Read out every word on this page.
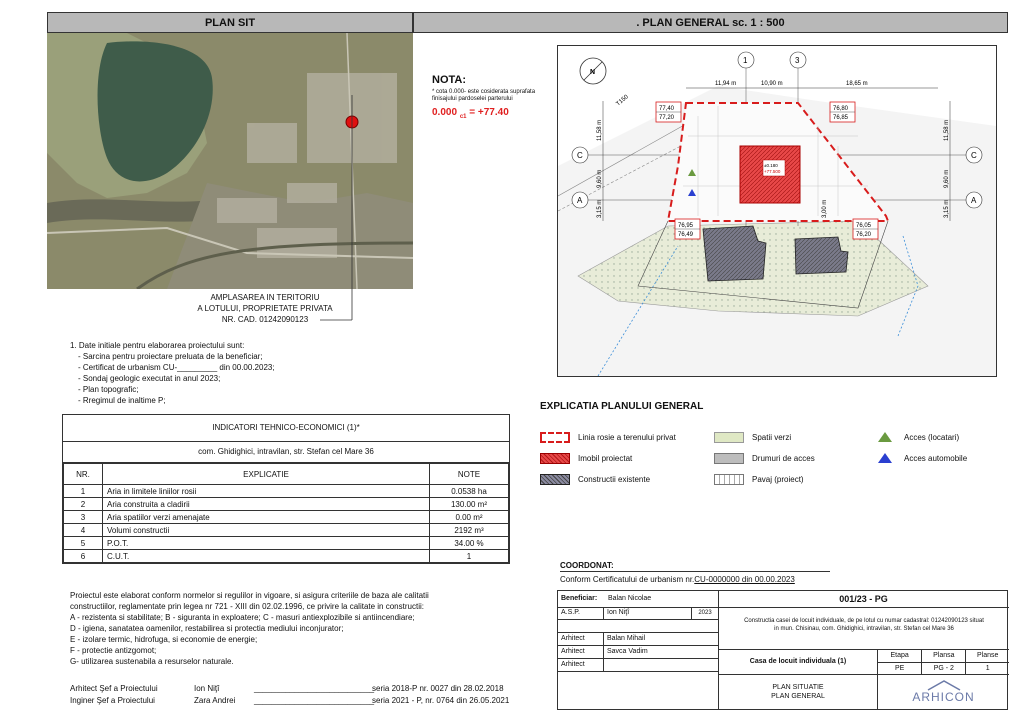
PLAN SIT	. PLAN GENERAL sc. 1 : 500
AMPLASAREA IN TERITORIU
A LOTULUI, PROPRIETATE PRIVATA
NR. CAD. 01242090123
NOTA:
* cota 0.000- este cosiderata suprafata
finisajului pardoselei parterului
0.000 $_{c1}$ = +77.40
11,94 m	10,90 m	18,65 m
1	3
C
A
C
A
11,58 m
9,60 m
3,15 m
11,58 m
9,60 m
3,15 m
±0.180
+77.500
3,00 m
77,40
77,20
76,80
76,85
76,95
76,49
76,05
76,20
N
T150

1. Date initiale pentru elaborarea proiectului sunt:

- Sarcina pentru proiectare preluata de la beneficiar;

- Certificat de urbanism CU-_________ din 00.00.2023;

- Sondaj geologic executat in anul 2023;

- Plan topografic;

- Rregimul de inaltime P;

INDICATORI TEHNICO-ECONOMICI (1)*
com. Ghidighici, intravilan, str. Stefan cel Mare 36
NR.	EXPLICATIE	NOTE
1	Aria in limitele liniilor rosii	0.0538 ha
2	Aria construita a cladirii	130.00 m²
3	Aria spatiilor verzi amenajate	0.00 m²
4	Volumi constructii	2192 m³
5	P.O.T.	34.00 %
6	C.U.T.	1
EXPLICATIA PLANULUI GENERAL
Linia rosie a terenului privat
Imobil proiectat
Constructii existente
Spatii verzi
Drumuri de acces
Pavaj (proiect)
Acces (locatari)
Acces automobile
COORDONAT:
Conform Certificatului de urbanism nr.CU-0000000 din 00.00.2023

Proiectul este elaborat conform normelor si regulilor in vigoare, si asigura criteriile de baza ale calitatii

constructiilor, reglamentate prin legea nr 721 - XIII din 02.02.1996, ce privire la calitate in constructii:

A - rezistenta si stabilitate; B - siguranta in exploatere; C - masuri antiexplozibile si antiincendiare;

D - igiena, sanatatea oamenilor, restabilirea si protectia mediului inconjurator;

E - izolare termic, hidrofuga, si economie de energie;

F - protectie antizgomot;

G- utilizarea sustenabila a resurselor naturale.

Arhitect Şef a Proiectului	Ion Niţî	___________________________
seria 2018-P nr. 0027 din 28.02.2018
Inginer Şef a Proiectului	Zara Andrei	___________________________
seria 2021 - P, nr. 0764 din 26.05.2021
Beneficiar: Balan Nicolae	001/23 - PG
A.S.P.	Ion Niţî	2023
Arhitect	Balan Mihail
Arhitect	Savca Vadim
Arhitect
Constructia casei de locuit individuale, de pe lotul cu numar cadastral: 01242090123 situat
in mun. Chisinau, com. Ghidighici, intravilan, str. Stefan cel Mare 36
Casa de locuit individuala (1)
Etapa	Plansa	Planse
PE	PG - 2	1
PLAN SITUATIE
PLAN GENERAL	ARHICON
